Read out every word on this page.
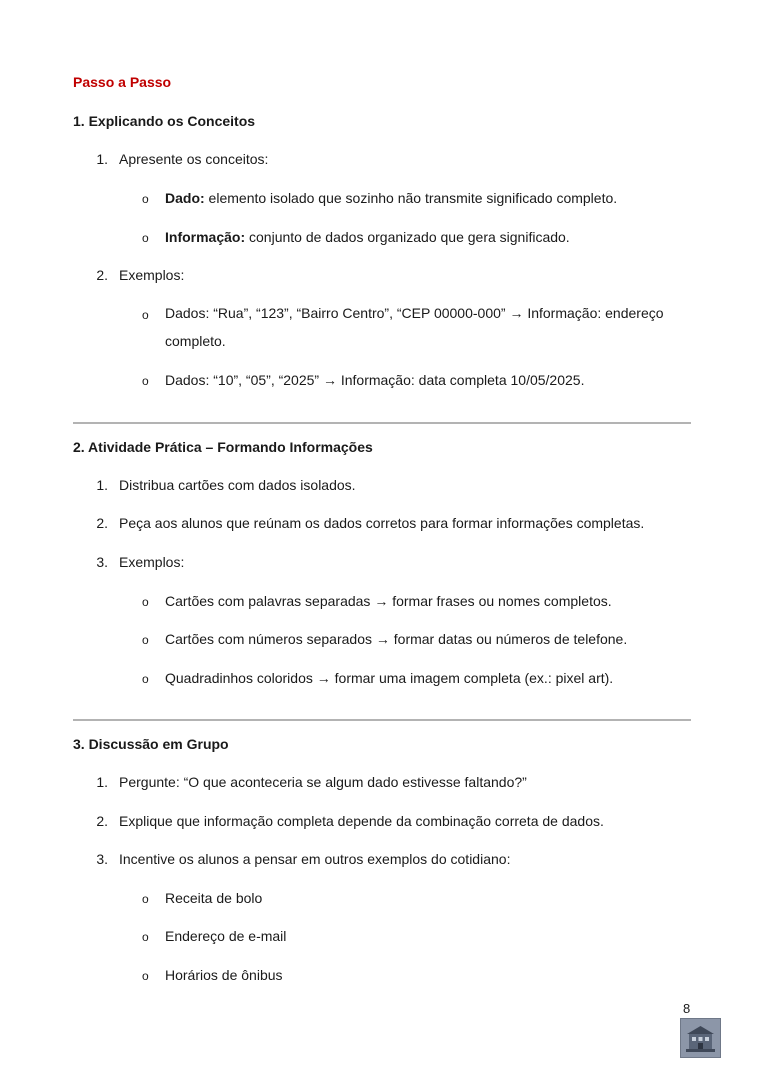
Passo a Passo
1. Explicando os Conceitos
1. Apresente os conceitos:
o Dado: elemento isolado que sozinho não transmite significado completo.
o Informação: conjunto de dados organizado que gera significado.
2. Exemplos:
o Dados: “Rua”, “123”, “Bairro Centro”, “CEP 00000-000” → Informação: endereço completo.
o Dados: “10”, “05”, “2025” → Informação: data completa 10/05/2025.
2. Atividade Prática – Formando Informações
1. Distribua cartões com dados isolados.
2. Peça aos alunos que reúnam os dados corretos para formar informações completas.
3. Exemplos:
o Cartões com palavras separadas → formar frases ou nomes completos.
o Cartões com números separados → formar datas ou números de telefone.
o Quadradinhos coloridos → formar uma imagem completa (ex.: pixel art).
3. Discussão em Grupo
1. Pergunte: “O que aconteceria se algum dado estivesse faltando?”
2. Explique que informação completa depende da combinação correta de dados.
3. Incentive os alunos a pensar em outros exemplos do cotidiano:
o Receita de bolo
o Endereço de e-mail
o Horários de ônibus
8
